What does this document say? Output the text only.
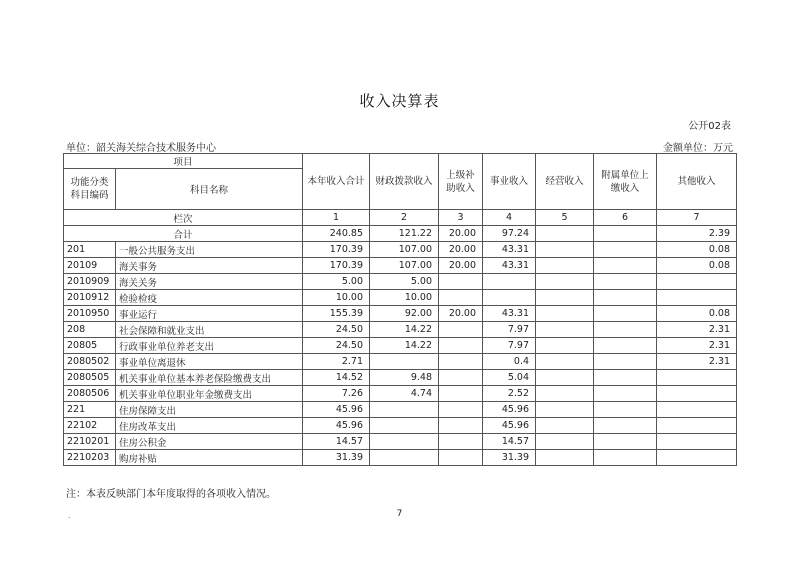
收入决算表
公开02表
单位：韶关海关综合技术服务中心	金额单位：万元
项目		本年收入合计	财政拨款收入	上级补助收入	事业收入	经营收入	附属单位上缴收入	其他收入
功能分类科目编码	科目名称							
栏次		1	2	3	4	5	6	7
合计		240.85	121.22	20.00	97.24			2.39
201	一般公共服务支出	170.39	107.00	20.00	43.31			0.08
20109	海关事务	170.39	107.00	20.00	43.31			0.08
2010909	海关关务	5.00	5.00					
2010912	检验检疫	10.00	10.00					
2010950	事业运行	155.39	92.00	20.00	43.31			0.08
208	社会保障和就业支出	24.50	14.22		7.97			2.31
20805	行政事业单位养老支出	24.50	14.22		7.97			2.31
2080502	事业单位离退休	2.71			0.4			2.31
2080505	机关事业单位基本养老保险缴费支出	14.52	9.48		5.04			
2080506	机关事业单位职业年金缴费支出	7.26	4.74		2.52			
221	住房保障支出	45.96			45.96			
22102	住房改革支出	45.96			45.96			
2210201	住房公积金	14.57			14.57			
2210203	购房补贴	31.39			31.39			
注：本表反映部门本年度取得的各项收入情况。
.	7
